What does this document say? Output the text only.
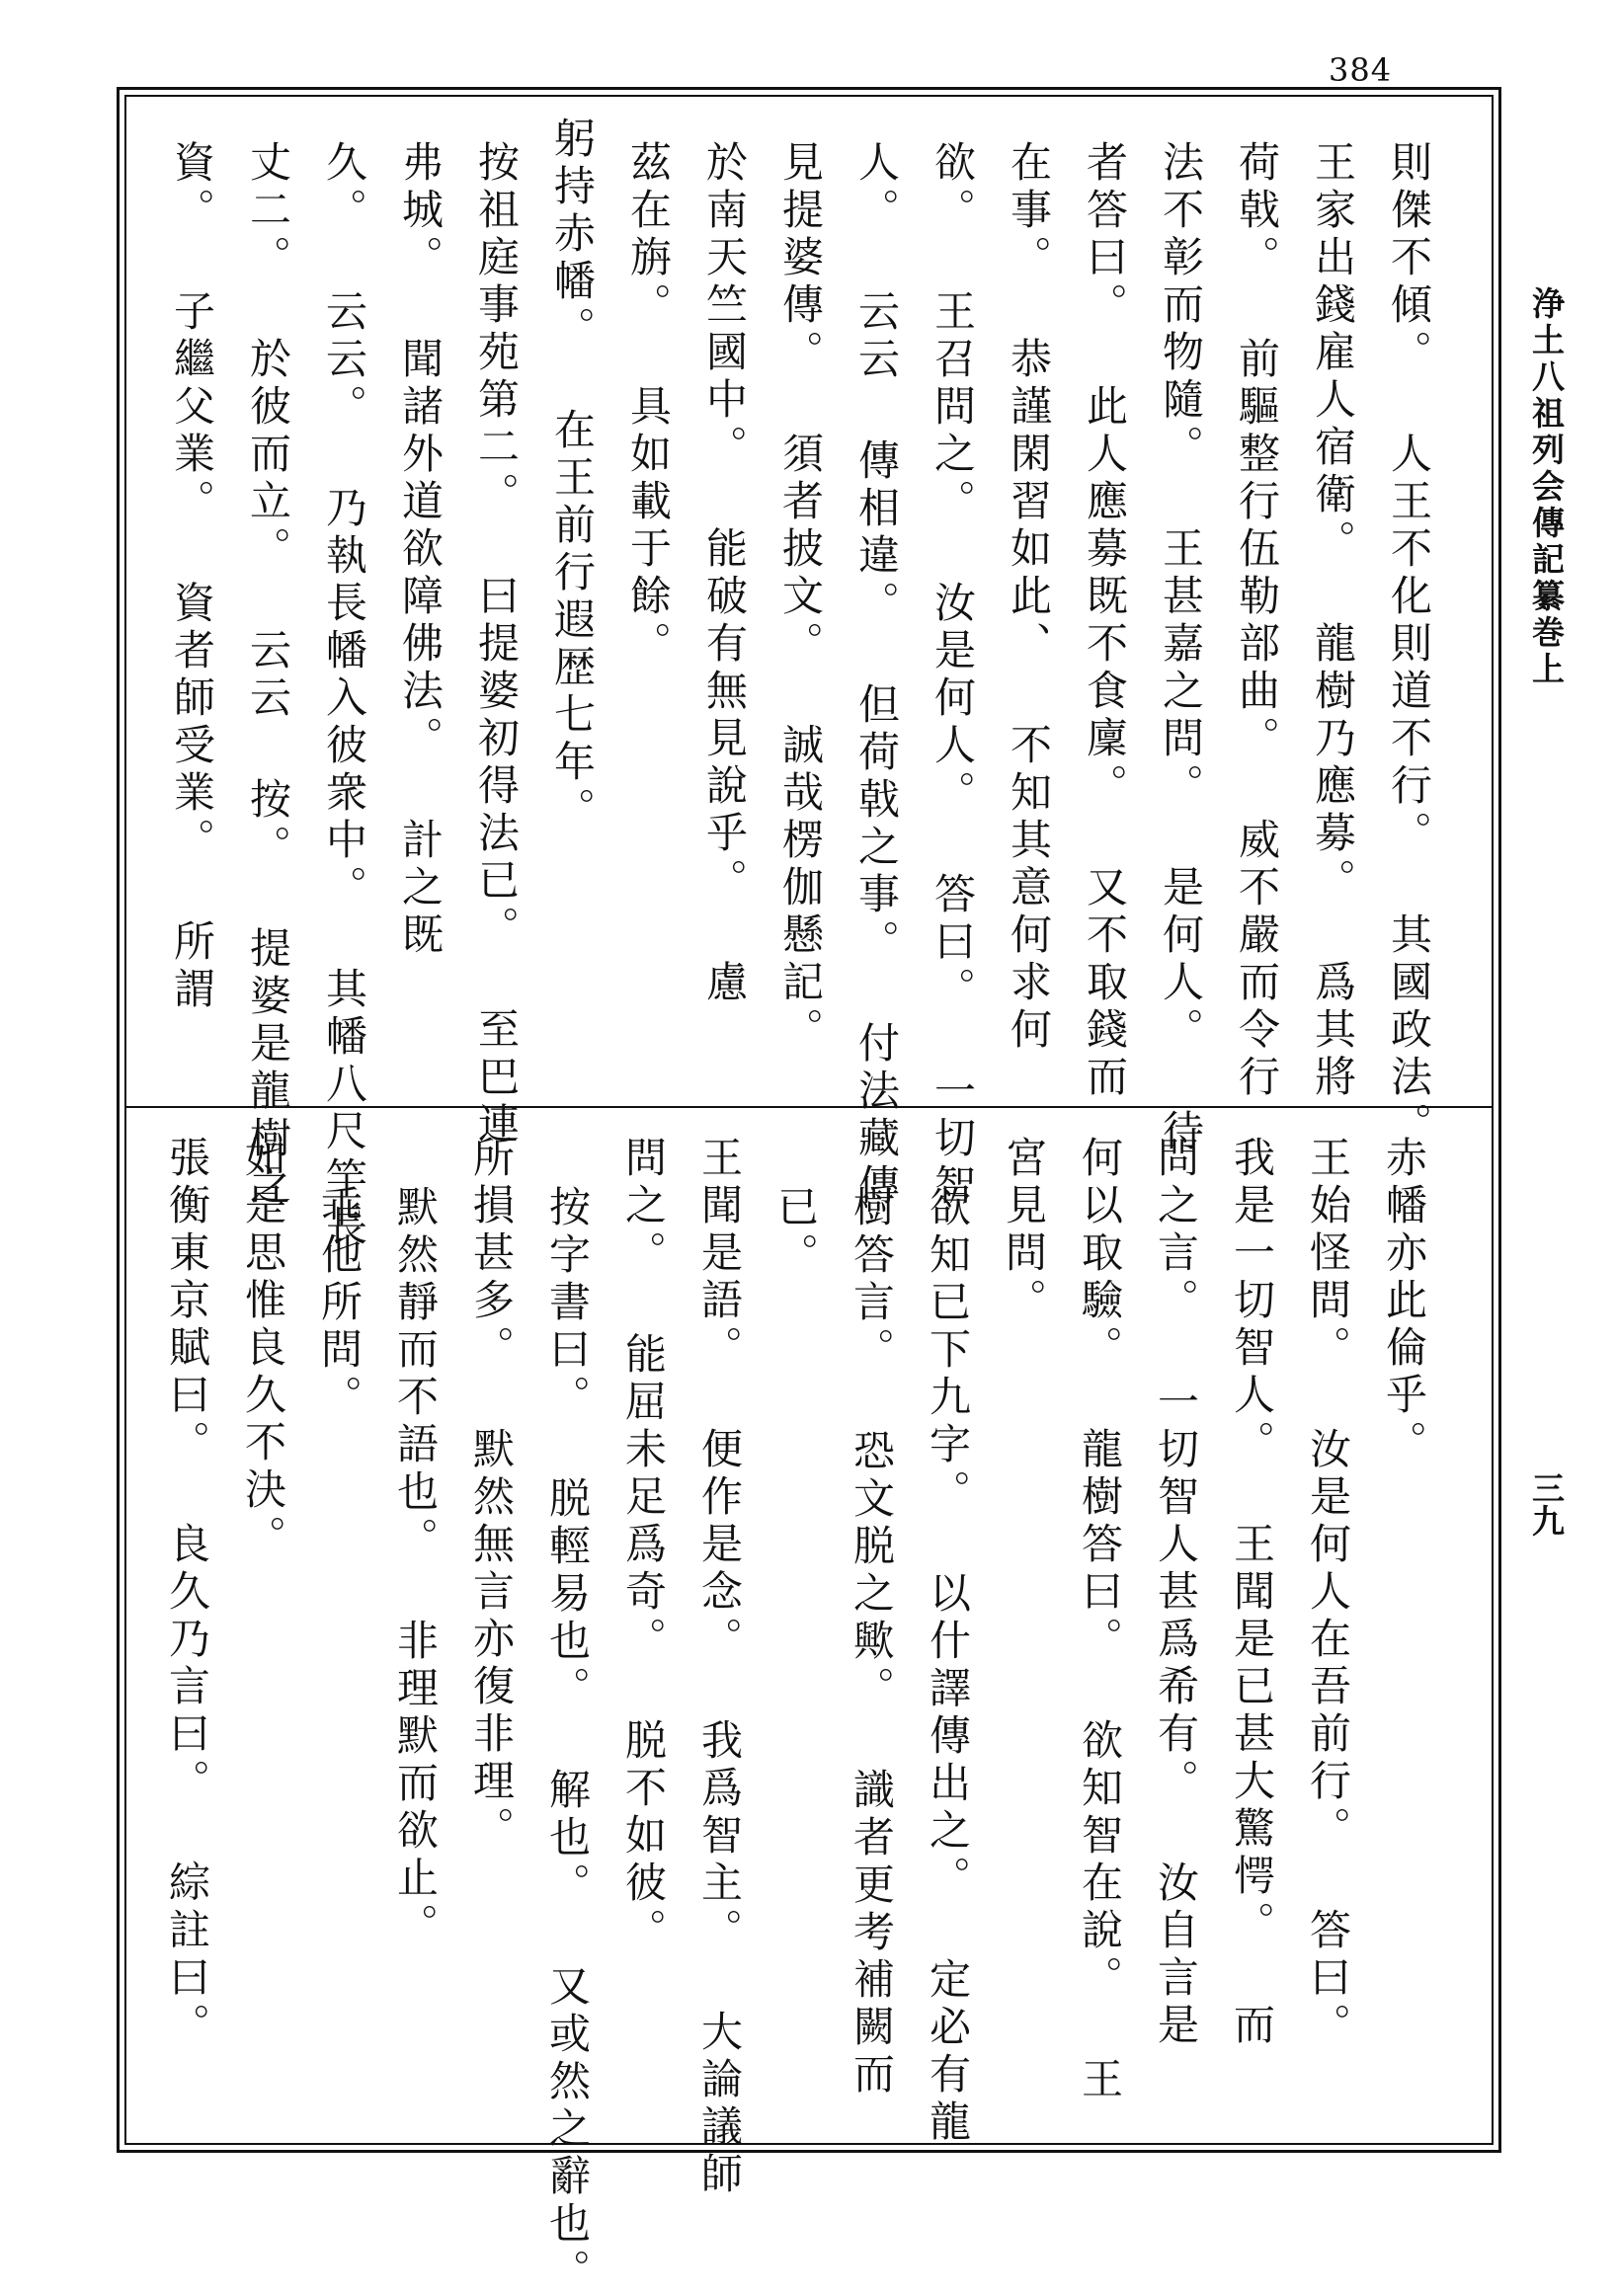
384
浄土八祖列会傳記纂巻上
三九
則傑不傾。 人王不化則道不行。 其國政法。
王家出錢雇人宿衛。 龍樹乃應募。 爲其將
荷戟。 前驅整行伍勒部曲。 威不嚴而令行
法不彰而物隨。 王甚嘉之問。 是何人。 待
者答曰。 此人應募既不食廩。 又不取錢而
在事。 恭謹閑習如此、 不知其意何求何
欲。 王召問之。 汝是何人。 答曰。 一切智
人。 云云 傳相違。 但荷戟之事。 付法藏傳
見提婆傳。 須者披文。 誠哉楞伽懸記。
於南天竺國中。 能破有無見說乎。 慮
茲在旃。 具如載于餘。
躬持赤幡。 在王前行遐歴七年。
按祖庭事苑第二。 曰提婆初得法已。 至巴連
弗城。 聞諸外道欲障佛法。 計之既
久。 云云。 乃執長幡入彼衆中。 其幡八尺竿長
丈二。 於彼而立。 云云 按。 提婆是龍樹之
資。 子繼父業。 資者師受業。 所謂
赤幡亦此倫乎。
王始怪問。 汝是何人在吾前行。 答曰。
我是一切智人。 王聞是已甚大驚愕。 而
問之言。 一切智人甚爲希有。 汝自言是
何以取驗。 龍樹答曰。 欲知智在說。 王
宮見問。
欲知已下九字。 以什譯傳出之。 定必有龍
樹答言。 恐文脱之歟。 識者更考補闕而
已。
王聞是語。 便作是念。 我爲智主。 大論議師
問之。 能屈未足爲奇。 脱不如彼。
按字書曰。 脱輕易也。 解也。 又或然之辭也。
所損甚多。 默然無言亦復非理。
默然靜而不語也。 非理默而欲止。
乖他所問。
如是思惟良久不決。
張衡東京賦曰。 良久乃言曰。 綜註曰。
